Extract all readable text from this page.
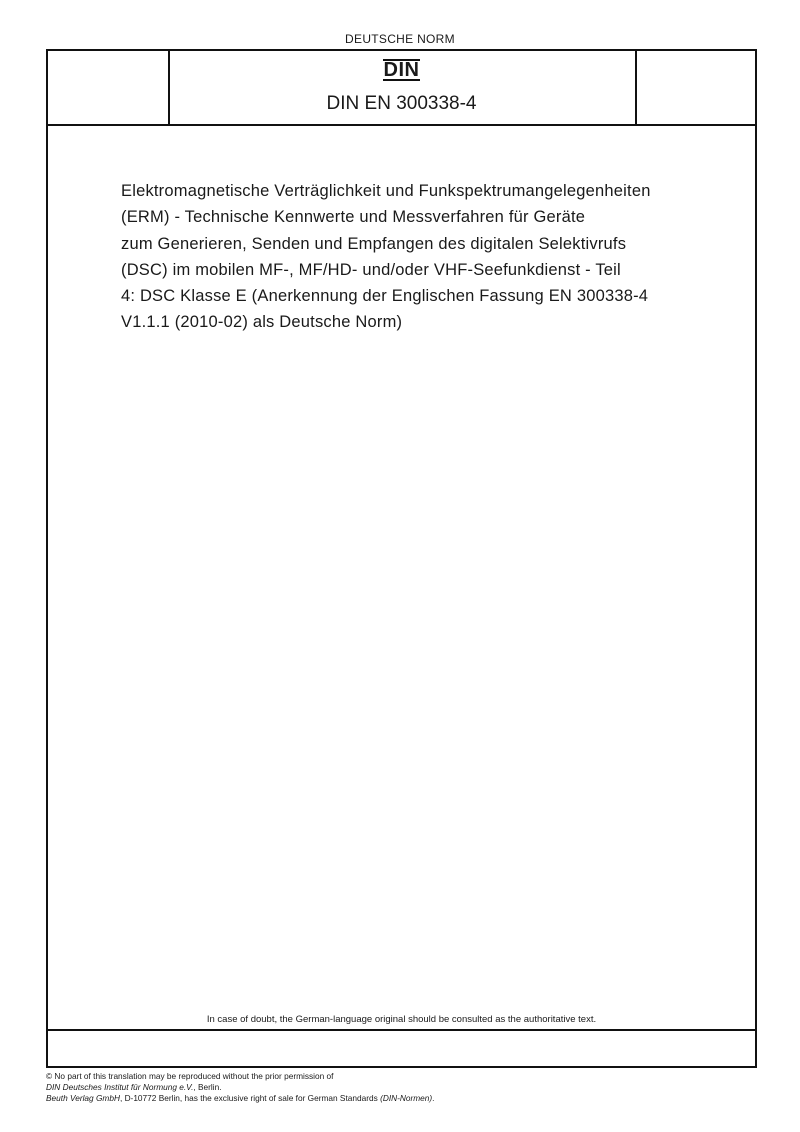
DEUTSCHE NORM
DIN
DIN EN 300338-4
Elektromagnetische Verträglichkeit und Funkspektrumangelegenheiten
(ERM) - Technische Kennwerte und Messverfahren für Geräte
zum Generieren, Senden und Empfangen des digitalen Selektivrufs
(DSC) im mobilen MF-, MF/HD- und/oder VHF-Seefunkdienst - Teil
4: DSC Klasse E (Anerkennung der Englischen Fassung EN 300338-4
V1.1.1 (2010-02) als Deutsche Norm)
In case of doubt, the German-language original should be consulted as the authoritative text.
© No part of this translation may be reproduced without the prior permission of
DIN Deutsches Institut für Normung e.V., Berlin.
Beuth Verlag GmbH, D-10772 Berlin, has the exclusive right of sale for German Standards (DIN-Normen).
